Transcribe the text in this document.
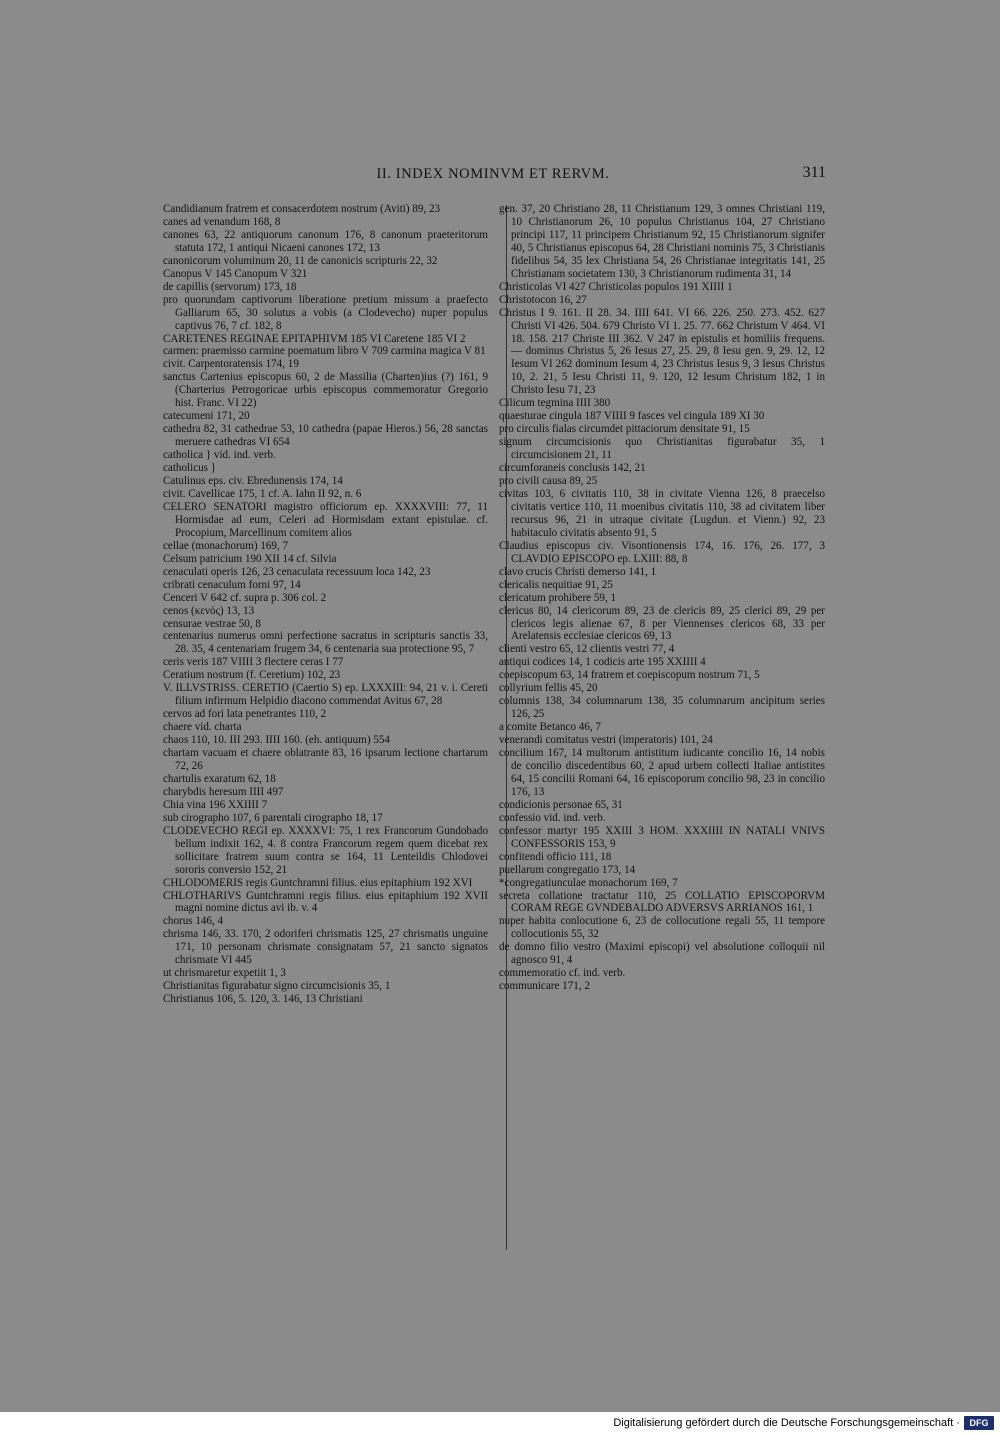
II. INDEX NOMINVM ET RERVM.	311

Candidianum fratrem et consacerdotem nostrum (Aviti) 89, 23

canes ad venandum 168, 8

canones 63, 22 antiquorum canonum 176, 8 canonum praeteritorum statuta 172, 1 antiqui Nicaeni canones 172, 13

canonicorum voluminum 20, 11 de canonicis scripturis 22, 32

Canopus V 145 Canopum V 321

de capillis (servorum) 173, 18

pro quorundam captivorum liberatione pretium missum a praefecto Galliarum 65, 30 solutus a vobis (a Clodevecho) nuper populus captivus 76, 7 cf. 182, 8

CARETENES REGINAE EPITAPHIVM 185 VI Caretene 185 VI 2

carmen: praemisso carmine poematum libro V 709 carmina magica V 81

civit. Carpentoratensis 174, 19

sanctus Cartenius episcopus 60, 2 de Massilia (Charten)ius (?) 161, 9 (Charterius Petrogoricae urbis episcopus commemoratur Gregorio hist. Franc. VI 22)

catecumeni 171, 20

cathedra 82, 31 cathedrae 53, 10 cathedra (papae Hieros.) 56, 28 sanctas meruere cathedras VI 654

catholica } vid. ind. verb.

catholicus }

Catulinus eps. civ. Ebredunensis 174, 14

civit. Cavellicae 175, 1 cf. A. Iahn II 92, n. 6

CELERO SENATORI magistro officiorum ep. XXXXVIII: 77, 11 Hormisdae ad eum, Celeri ad Hormisdam extant epistulae. cf. Procopium, Marcellinum comitem alios

cellae (monachorum) 169, 7

Celsum patricium 190 XII 14 cf. Silvia

cenaculati operis 126, 23 cenaculata recessuum loca 142, 23

cribrati cenaculum forni 97, 14

Cenceri V 642 cf. supra p. 306 col. 2

cenos (κενός) 13, 13

censurae vestrae 50, 8

centenarius numerus omni perfectione sacratus in scripturis sanctis 33, 28. 35, 4 centenariam frugem 34, 6 centenaria sua protectione 95, 7

ceris veris 187 VIIII 3 flectere ceras I 77

Ceratium nostrum (f. Ceretium) 102, 23

V. ILLVSTRISS. CERETIO (Caertio S) ep. LXXXIII: 94, 21 v. i. Cereti filium infirmum Helpidio diacono commendat Avitus 67, 28

cervos ad fori lata penetrantes 110, 2

chaere vid. charta

chaos 110, 10. III 293. IIII 160. (eh. antiquum) 554

chartam vacuam et chaere oblatrante 83, 16 ipsarum lectione chartarum 72, 26

chartulis exaratum 62, 18

charybdis heresum IIII 497

Chia vina 196 XXIIII 7

sub cirographo 107, 6 parentali cirographo 18, 17

CLODEVECHO REGI ep. XXXXVI: 75, 1 rex Francorum Gundobado bellum indixit 162, 4. 8 contra Francorum regem quem dicebat rex sollicitare fratrem suum contra se 164, 11 Lenteildis Chlodovei sororis conversio 152, 21

CHLODOMERIS regis Guntchramni filius. eius epitaphium 192 XVI

CHLOTHARIVS Guntchramni regis filius. eius epitaphium 192 XVII magni nomine dictus avi ib. v. 4

chorus 146, 4

chrisma 146, 33. 170, 2 odoriferi chrismatis 125, 27 chrismatis unguine 171, 10 personam chrismate consignatam 57, 21 sancto signatos chrismate VI 445

ut chrismaretur expetiit 1, 3

Christianitas figurabatur signo circumcisionis 35, 1

Christianus 106, 5. 120, 3. 146, 13 Christiani

gen. 37, 20 Christiano 28, 11 Christianum 129, 3 omnes Christiani 119, 10 Christianorum 26, 10 populus Christianus 104, 27 Christiano principi 117, 11 principem Christianum 92, 15 Christianorum signifer 40, 5 Christianus episcopus 64, 28 Christiani nominis 75, 3 Christianis fidelibus 54, 35 lex Christiana 54, 26 Christianae integritatis 141, 25 Christianam societatem 130, 3 Christianorum rudimenta 31, 14

Christicolas VI 427 Christicolas populos 191 XIIII 1

Christotocon 16, 27

Christus I 9. 161. II 28. 34. IIII 641. VI 66. 226. 250. 273. 452. 627 Christi VI 426. 504. 679 Christo VI 1. 25. 77. 662 Christum V 464. VI 18. 158. 217 Christe III 362. V 247 in epistulis et homiliis frequens. — dominus Christus 5, 26 Iesus 27, 25. 29, 8 Iesu gen. 9, 29. 12, 12 Iesum VI 262 dominum Iesum 4, 23 Christus Iesus 9, 3 Iesus Christus 10, 2. 21, 5 Iesu Christi 11, 9. 120, 12 Iesum Christum 182, 1 in Christo Iesu 71, 23

Cilicum tegmina IIII 380

quaesturae cingula 187 VIIII 9 fasces vel cingula 189 XI 30

pro circulis fialas circumdet pittaciorum densitate 91, 15

signum circumcisionis quo Christianitas figurabatur 35, 1 circumcisionem 21, 11

circumforaneis conclusis 142, 21

pro civili causa 89, 25

civitas 103, 6 civitatis 110, 38 in civitate Vienna 126, 8 praecelso civitatis vertice 110, 11 moenibus civitatis 110, 38 ad civitatem liber recursus 96, 21 in utraque civitate (Lugdun. et Vienn.) 92, 23 habitaculo civitatis absento 91, 5

Claudius episcopus civ. Visontionensis 174, 16. 176, 26. 177, 3 CLAVDIO EPISCOPO ep. LXIII: 88, 8

clavo crucis Christi demerso 141, 1

clericalis nequitiae 91, 25

clericatum prohibere 59, 1

clericus 80, 14 clericorum 89, 23 de clericis 89, 25 clerici 89, 29 per clericos legis alienae 67, 8 per Viennenses clericos 68, 33 per Arelatensis ecclesiae clericos 69, 13

clienti vestro 65, 12 clientis vestri 77, 4

antiqui codices 14, 1 codicis arte 195 XXIIII 4

coepiscopum 63, 14 fratrem et coepiscopum nostrum 71, 5

collyrium fellis 45, 20

columnis 138, 34 columnarum 138, 35 columnarum ancipitum series 126, 25

a comite Betanco 46, 7

venerandi comitatus vestri (imperatoris) 101, 24

concilium 167, 14 multorum antistitum iudicante concilio 16, 14 nobis de concilio discedentibus 60, 2 apud urbem collecti Italiae antistites 64, 15 concilii Romani 64, 16 episcoporum concilio 98, 23 in concilio 176, 13

condicionis personae 65, 31

confessio vid. ind. verb.

confessor martyr 195 XXIII 3 HOM. XXXIIII IN NATALI VNIVS CONFESSORIS 153, 9

confitendi officio 111, 18

puellarum congregatio 173, 14

*congregatiunculae monachorum 169, 7

secreta collatione tractatur 110, 25 COLLATIO EPISCOPORVM CORAM REGE GVNDEBALDO ADVERSVS ARRIANOS 161, 1

nuper habita conlocutione 6, 23 de collocutione regali 55, 11 tempore collocutionis 55, 32

de domno filio vestro (Maximi episcopi) vel absolutione colloquii nil agnosco 91, 4

commemoratio cf. ind. verb.

communicare 171, 2

Digitalisierung gefördert durch die Deutsche Forschungsgemeinschaft ·	DFG
